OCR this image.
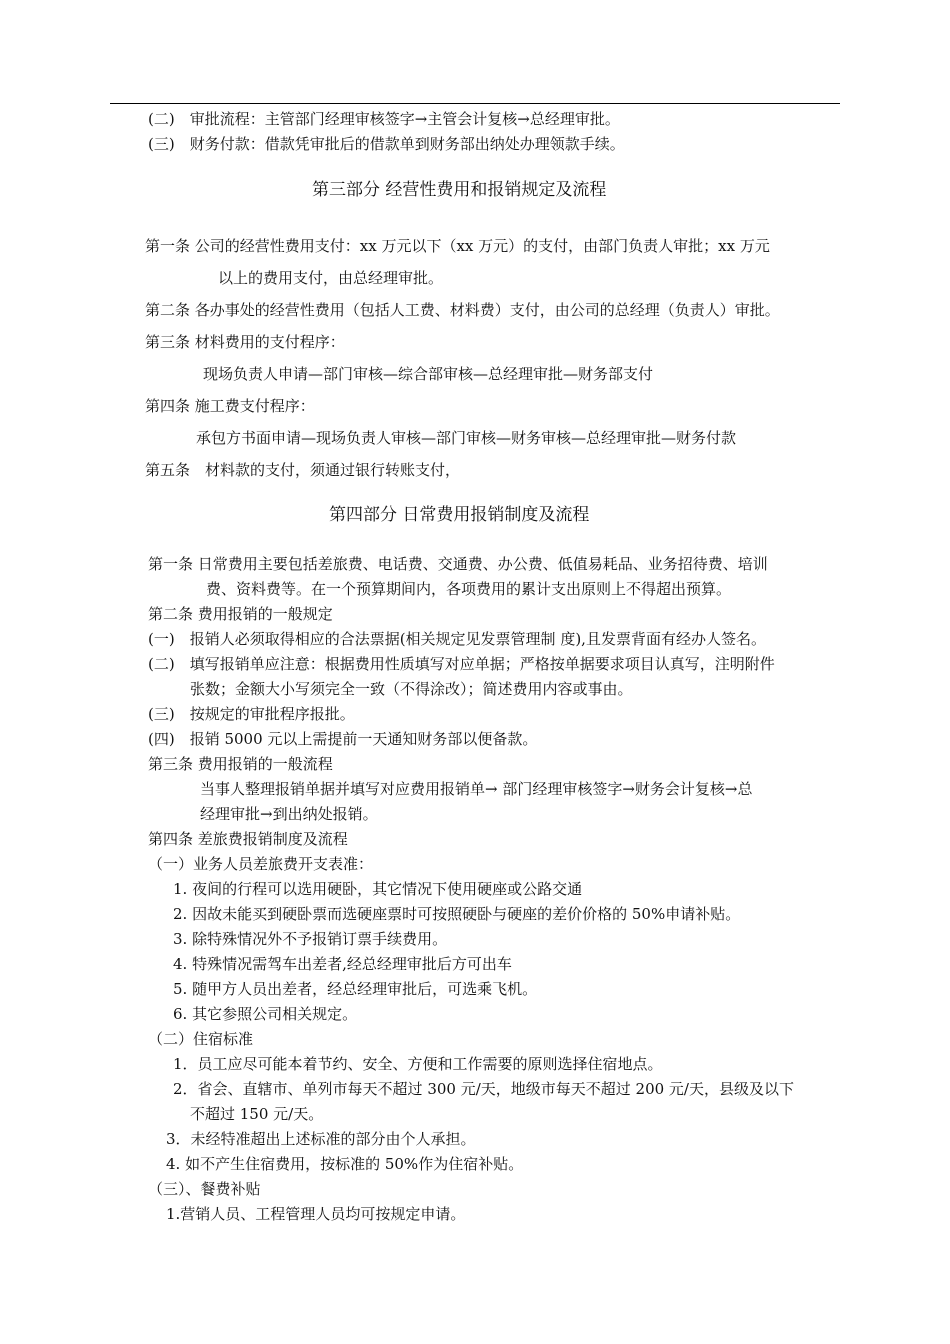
(二)　审批流程：主管部门经理审核签字→主管会计复核→总经理审批。
(三)　财务付款：借款凭审批后的借款单到财务部出纳处办理领款手续。
第三部分 经营性费用和报销规定及流程
第一条 公司的经营性费用支付：xx 万元以下（xx 万元）的支付，由部门负责人审批；xx 万元
以上的费用支付，由总经理审批。
第二条 各办事处的经营性费用（包括人工费、材料费）支付，由公司的总经理（负责人）审批。
第三条 材料费用的支付程序：
现场负责人申请—部门审核—综合部审核—总经理审批—财务部支付
第四条 施工费支付程序：
承包方书面申请—现场负责人审核—部门审核—财务审核—总经理审批—财务付款
第五条　材料款的支付，须通过银行转账支付，
第四部分 日常费用报销制度及流程
第一条 日常费用主要包括差旅费、电话费、交通费、办公费、低值易耗品、业务招待费、培训
费、资料费等。在一个预算期间内，各项费用的累计支出原则上不得超出预算。
第二条 费用报销的一般规定
(一)　报销人必须取得相应的合法票据(相关规定见发票管理制 度),且发票背面有经办人签名。
(二)　填写报销单应注意：根据费用性质填写对应单据；严格按单据要求项目认真写，注明附件
张数；金额大小写须完全一致（不得涂改）；简述费用内容或事由。
(三)　按规定的审批程序报批。
(四)　报销 5000 元以上需提前一天通知财务部以便备款。
第三条 费用报销的一般流程
当事人整理报销单据并填写对应费用报销单→ 部门经理审核签字→财务会计复核→总
经理审批→到出纳处报销。
第四条 差旅费报销制度及流程
（一）业务人员差旅费开支表准：
1. 夜间的行程可以选用硬卧，其它情况下使用硬座或公路交通
2. 因故未能买到硬卧票而选硬座票时可按照硬卧与硬座的差价价格的 50%申请补贴。
3. 除特殊情况外不予报销订票手续费用。
4. 特殊情况需驾车出差者,经总经理审批后方可出车
5. 随甲方人员出差者，经总经理审批后，可选乘飞机。
6. 其它参照公司相关规定。
（二）住宿标准
1．员工应尽可能本着节约、安全、方便和工作需要的原则选择住宿地点。
2．省会、直辖市、单列市每天不超过 300 元/天，地级市每天不超过 200 元/天，县级及以下
不超过 150 元/天。
3．未经特准超出上述标准的部分由个人承担。
4. 如不产生住宿费用，按标准的 50%作为住宿补贴。
（三）、餐费补贴
1.营销人员、工程管理人员均可按规定申请。
